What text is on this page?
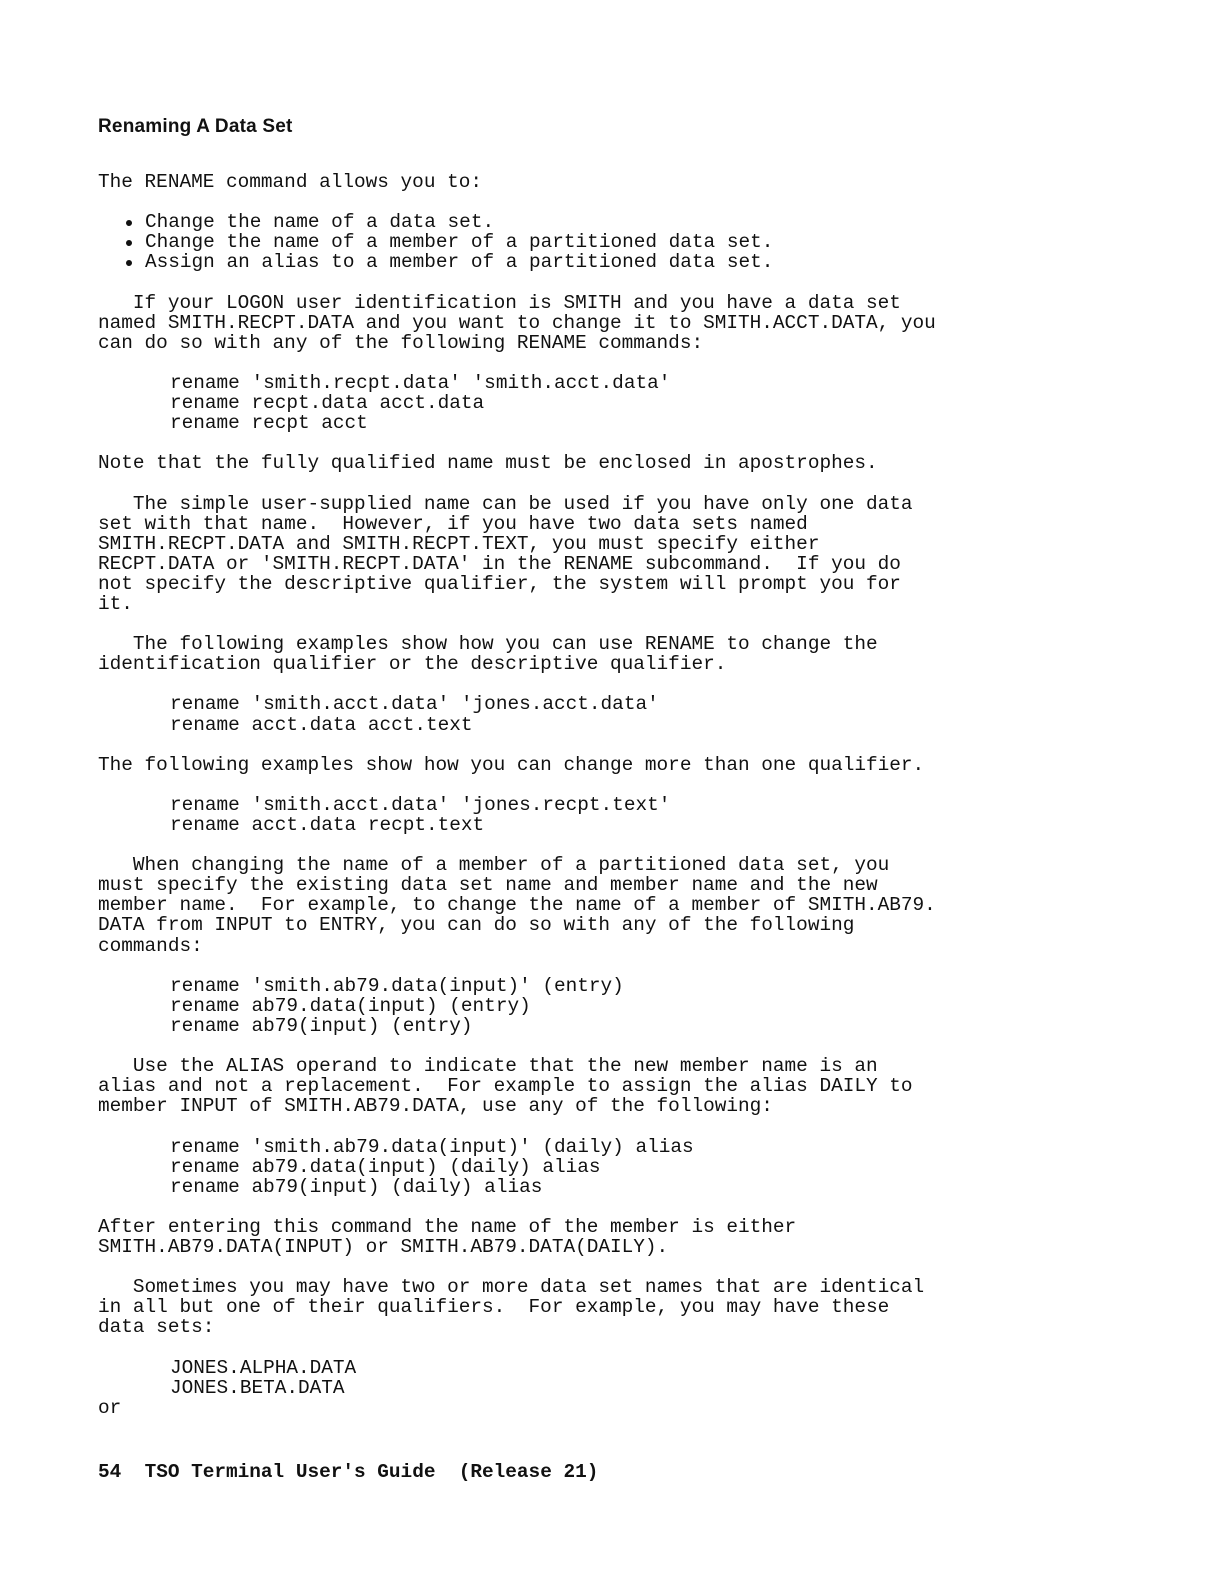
Renaming A Data Set
The RENAME command allows you to:
Change the name of a data set.
Change the name of a member of a partitioned data set.
Assign an alias to a member of a partitioned data set.
If your LOGON user identification is SMITH and you have a data set
named SMITH.RECPT.DATA and you want to change it to SMITH.ACCT.DATA, you
can do so with any of the following RENAME commands:
rename 'smith.recpt.data' 'smith.acct.data'
rename recpt.data acct.data
rename recpt acct
Note that the fully qualified name must be enclosed in apostrophes.
The simple user-supplied name can be used if you have only one data
set with that name.  However, if you have two data sets named
SMITH.RECPT.DATA and SMITH.RECPT.TEXT, you must specify either
RECPT.DATA or 'SMITH.RECPT.DATA' in the RENAME subcommand.  If you do
not specify the descriptive qualifier, the system will prompt you for
it.
The following examples show how you can use RENAME to change the
identification qualifier or the descriptive qualifier.
rename 'smith.acct.data' 'jones.acct.data'
rename acct.data acct.text
The following examples show how you can change more than one qualifier.
rename 'smith.acct.data' 'jones.recpt.text'
rename acct.data recpt.text
When changing the name of a member of a partitioned data set, you
must specify the existing data set name and member name and the new
member name.  For example, to change the name of a member of SMITH.AB79.
DATA from INPUT to ENTRY, you can do so with any of the following
commands:
rename 'smith.ab79.data(input)' (entry)
rename ab79.data(input) (entry)
rename ab79(input) (entry)
Use the ALIAS operand to indicate that the new member name is an
alias and not a replacement.  For example to assign the alias DAILY to
member INPUT of SMITH.AB79.DATA, use any of the following:
rename 'smith.ab79.data(input)' (daily) alias
rename ab79.data(input) (daily) alias
rename ab79(input) (daily) alias
After entering this command the name of the member is either
SMITH.AB79.DATA(INPUT) or SMITH.AB79.DATA(DAILY).
Sometimes you may have two or more data set names that are identical
in all but one of their qualifiers.  For example, you may have these
data sets:
JONES.ALPHA.DATA
JONES.BETA.DATA
or
54 TSO Terminal User's Guide  (Release 21)
